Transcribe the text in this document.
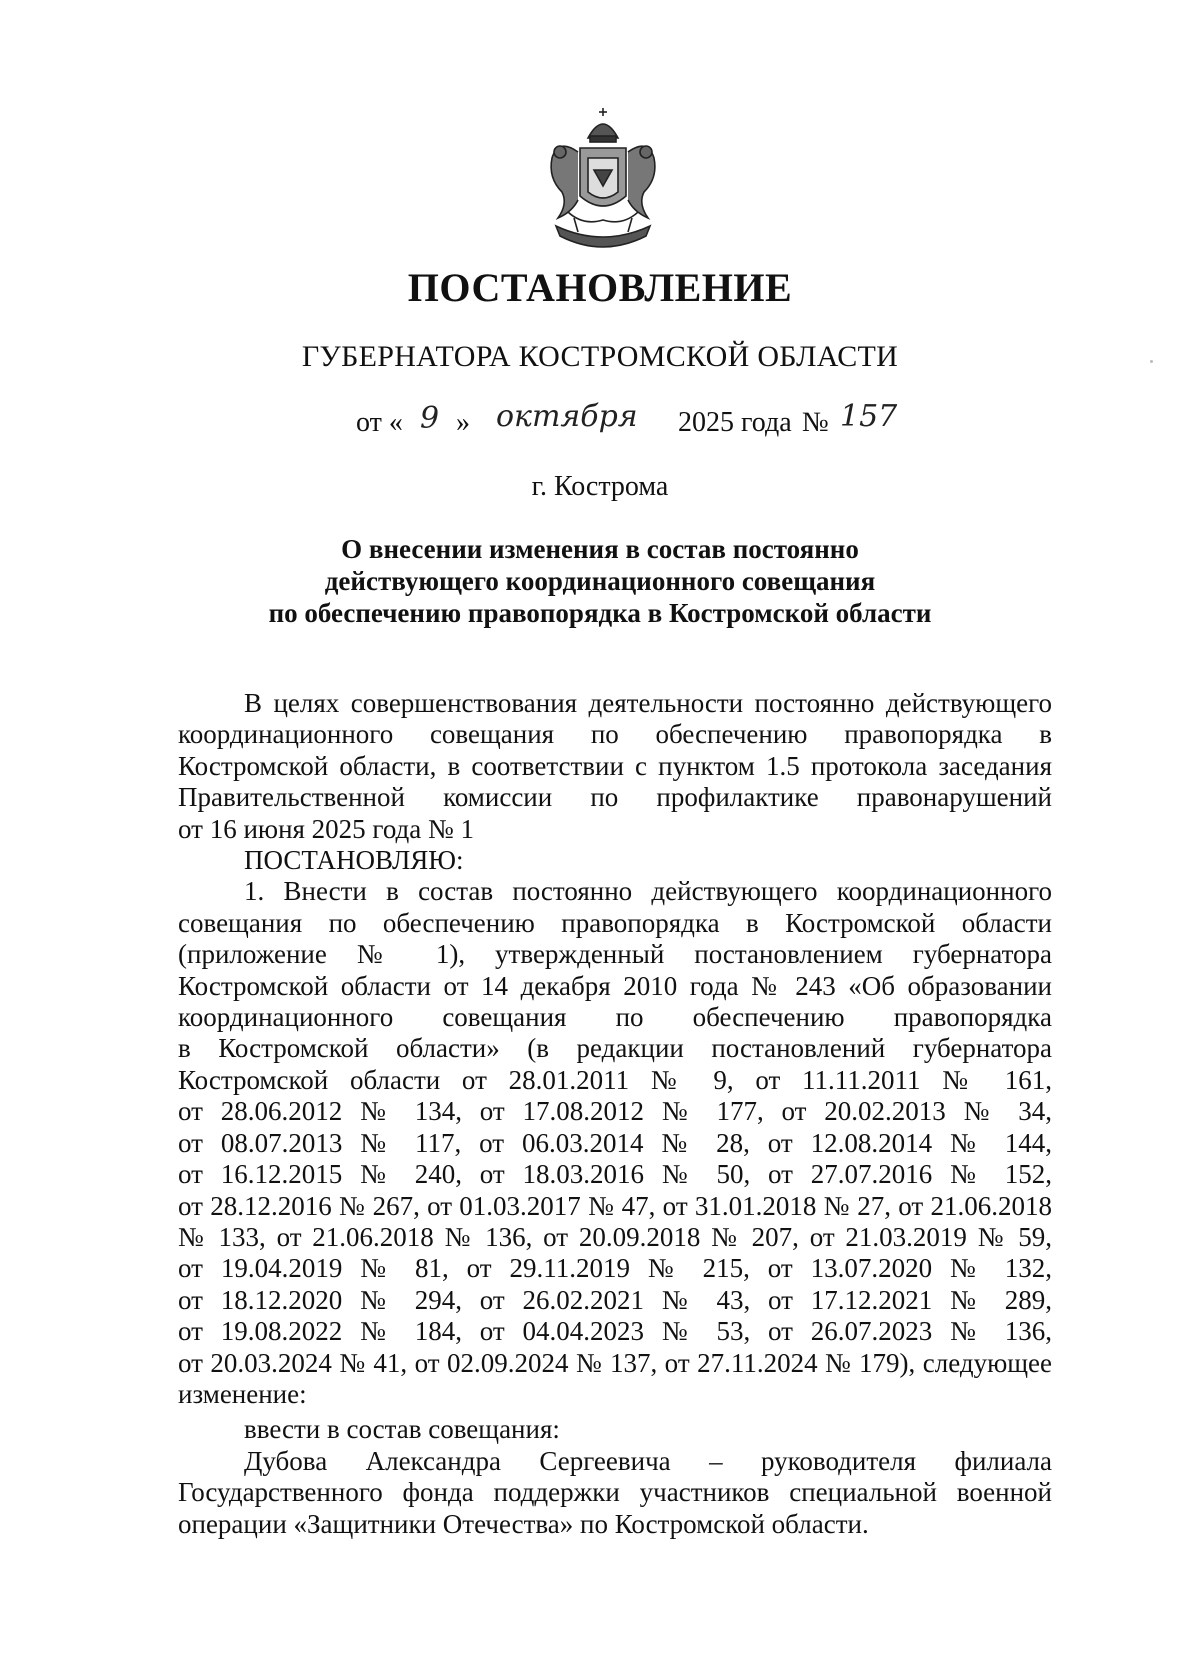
ПОСТАНОВЛЕНИЕ
ГУБЕРНАТОРА КОСТРОМСКОЙ ОБЛАСТИ
от « 9 » октября 2025 года № 157
г. Кострома
О внесении изменения в состав постоянно
действующего координационного совещания
по обеспечению правопорядка в Костромской области
В целях совершенствования деятельности постоянно действующего
координационного совещания по обеспечению правопорядка в
Костромской области, в соответствии с пунктом 1.5 протокола заседания
Правительственной комиссии по профилактике правонарушений
от 16 июня 2025 года № 1
ПОСТАНОВЛЯЮ:
1. Внести в состав постоянно действующего координационного
совещания по обеспечению правопорядка в Костромской области
(приложение № 1), утвержденный постановлением губернатора
Костромской области от 14 декабря 2010 года № 243 «Об образовании
координационного совещания по обеспечению правопорядка
в Костромской области» (в редакции постановлений губернатора
Костромской области от 28.01.2011 № 9, от 11.11.2011 № 161,
от 28.06.2012 № 134, от 17.08.2012 № 177, от 20.02.2013 № 34,
от 08.07.2013 № 117, от 06.03.2014 № 28, от 12.08.2014 № 144,
от 16.12.2015 № 240, от 18.03.2016 № 50, от 27.07.2016 № 152,
от 28.12.2016 № 267, от 01.03.2017 № 47, от 31.01.2018 № 27, от 21.06.2018
№ 133, от 21.06.2018 № 136, от 20.09.2018 № 207, от 21.03.2019 № 59,
от 19.04.2019 № 81, от 29.11.2019 № 215, от 13.07.2020 № 132,
от 18.12.2020 № 294, от 26.02.2021 № 43, от 17.12.2021 № 289,
от 19.08.2022 № 184, от 04.04.2023 № 53, от 26.07.2023 № 136,
от 20.03.2024 № 41, от 02.09.2024 № 137, от 27.11.2024 № 179), следующее
изменение:
ввести в состав совещания:
Дубова Александра Сергеевича – руководителя филиала
Государственного фонда поддержки участников специальной военной
операции «Защитники Отечества» по Костромской области.
